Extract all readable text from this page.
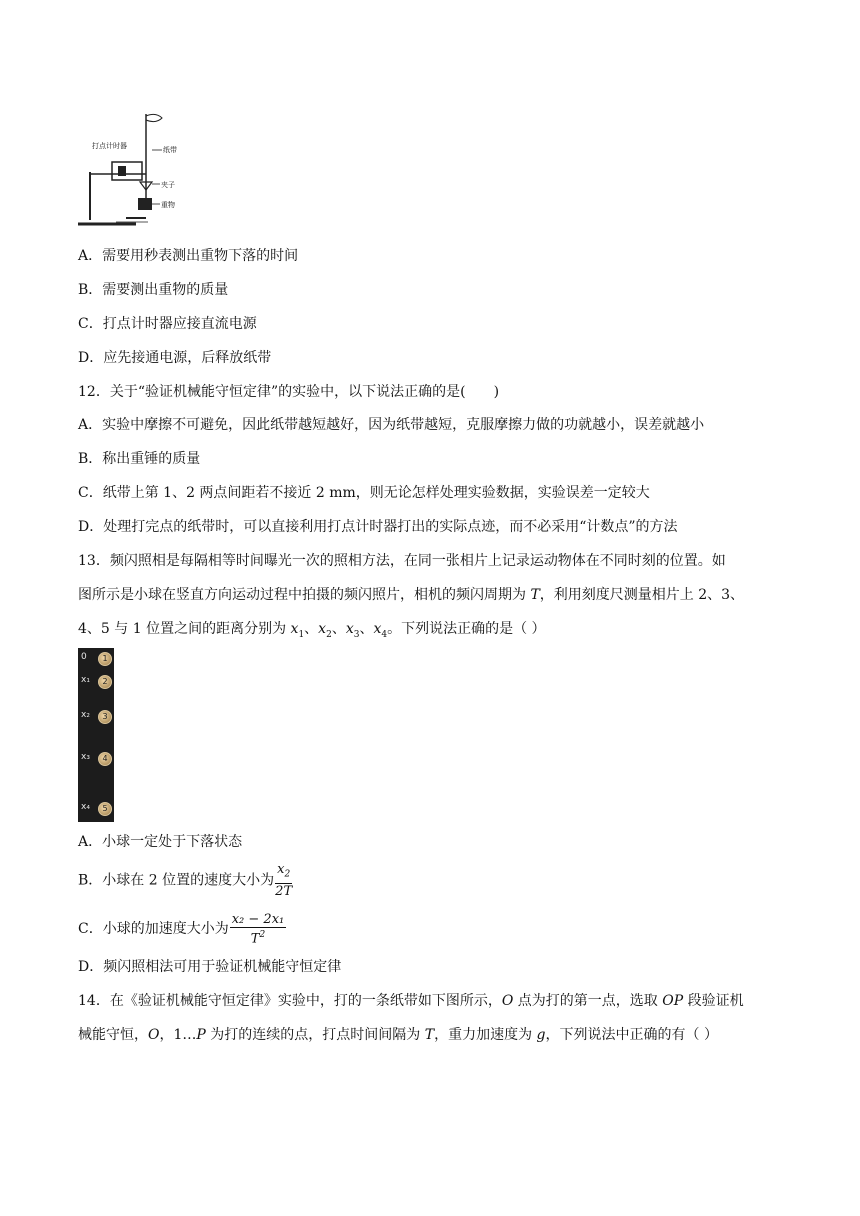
打点计时器	纸带
夹子
重物
A．需要用秒表测出重物下落的时间
B．需要测出重物的质量
C．打点计时器应接直流电源
D．应先接通电源，后释放纸带
12．关于“验证机械能守恒定律”的实验中，以下说法正确的是(　　)
A．实验中摩擦不可避免，因此纸带越短越好，因为纸带越短，克服摩擦力做的功就越小，误差就越小
B．称出重锤的质量
C．纸带上第 1、2 两点间距若不接近 2 mm，则无论怎样处理实验数据，实验误差一定较大
D．处理打完点的纸带时，可以直接利用打点计时器打出的实际点迹，而不必采用“计数点”的方法
13．频闪照相是每隔相等时间曝光一次的照相方法，在同一张相片上记录运动物体在不同时刻的位置。如
图所示是小球在竖直方向运动过程中拍摄的频闪照片，相机的频闪周期为 T，利用刻度尺测量相片上 2、3、
4、5 与 1 位置之间的距离分别为 $x_1$、$x_2$、$x_3$、$x_4$。下列说法正确的是（ ）
0	1
x₁	2
x₂	3
x₃	4
x₄	5
A．小球一定处于下落状态
B．小球在 2 位置的速度大小为 $\frac{x_2}{2T}$
C．小球的加速度大小为 $\frac{\text{x₂ − 2x₁}}{T^2}$
D．频闪照相法可用于验证机械能守恒定律
14．在《验证机械能守恒定律》实验中，打的一条纸带如下图所示，O 点为打的第一点，选取 OP 段验证机
械能守恒，O，1…P 为打的连续的点，打点时间间隔为 T，重力加速度为 g，下列说法中正确的有（ ）
